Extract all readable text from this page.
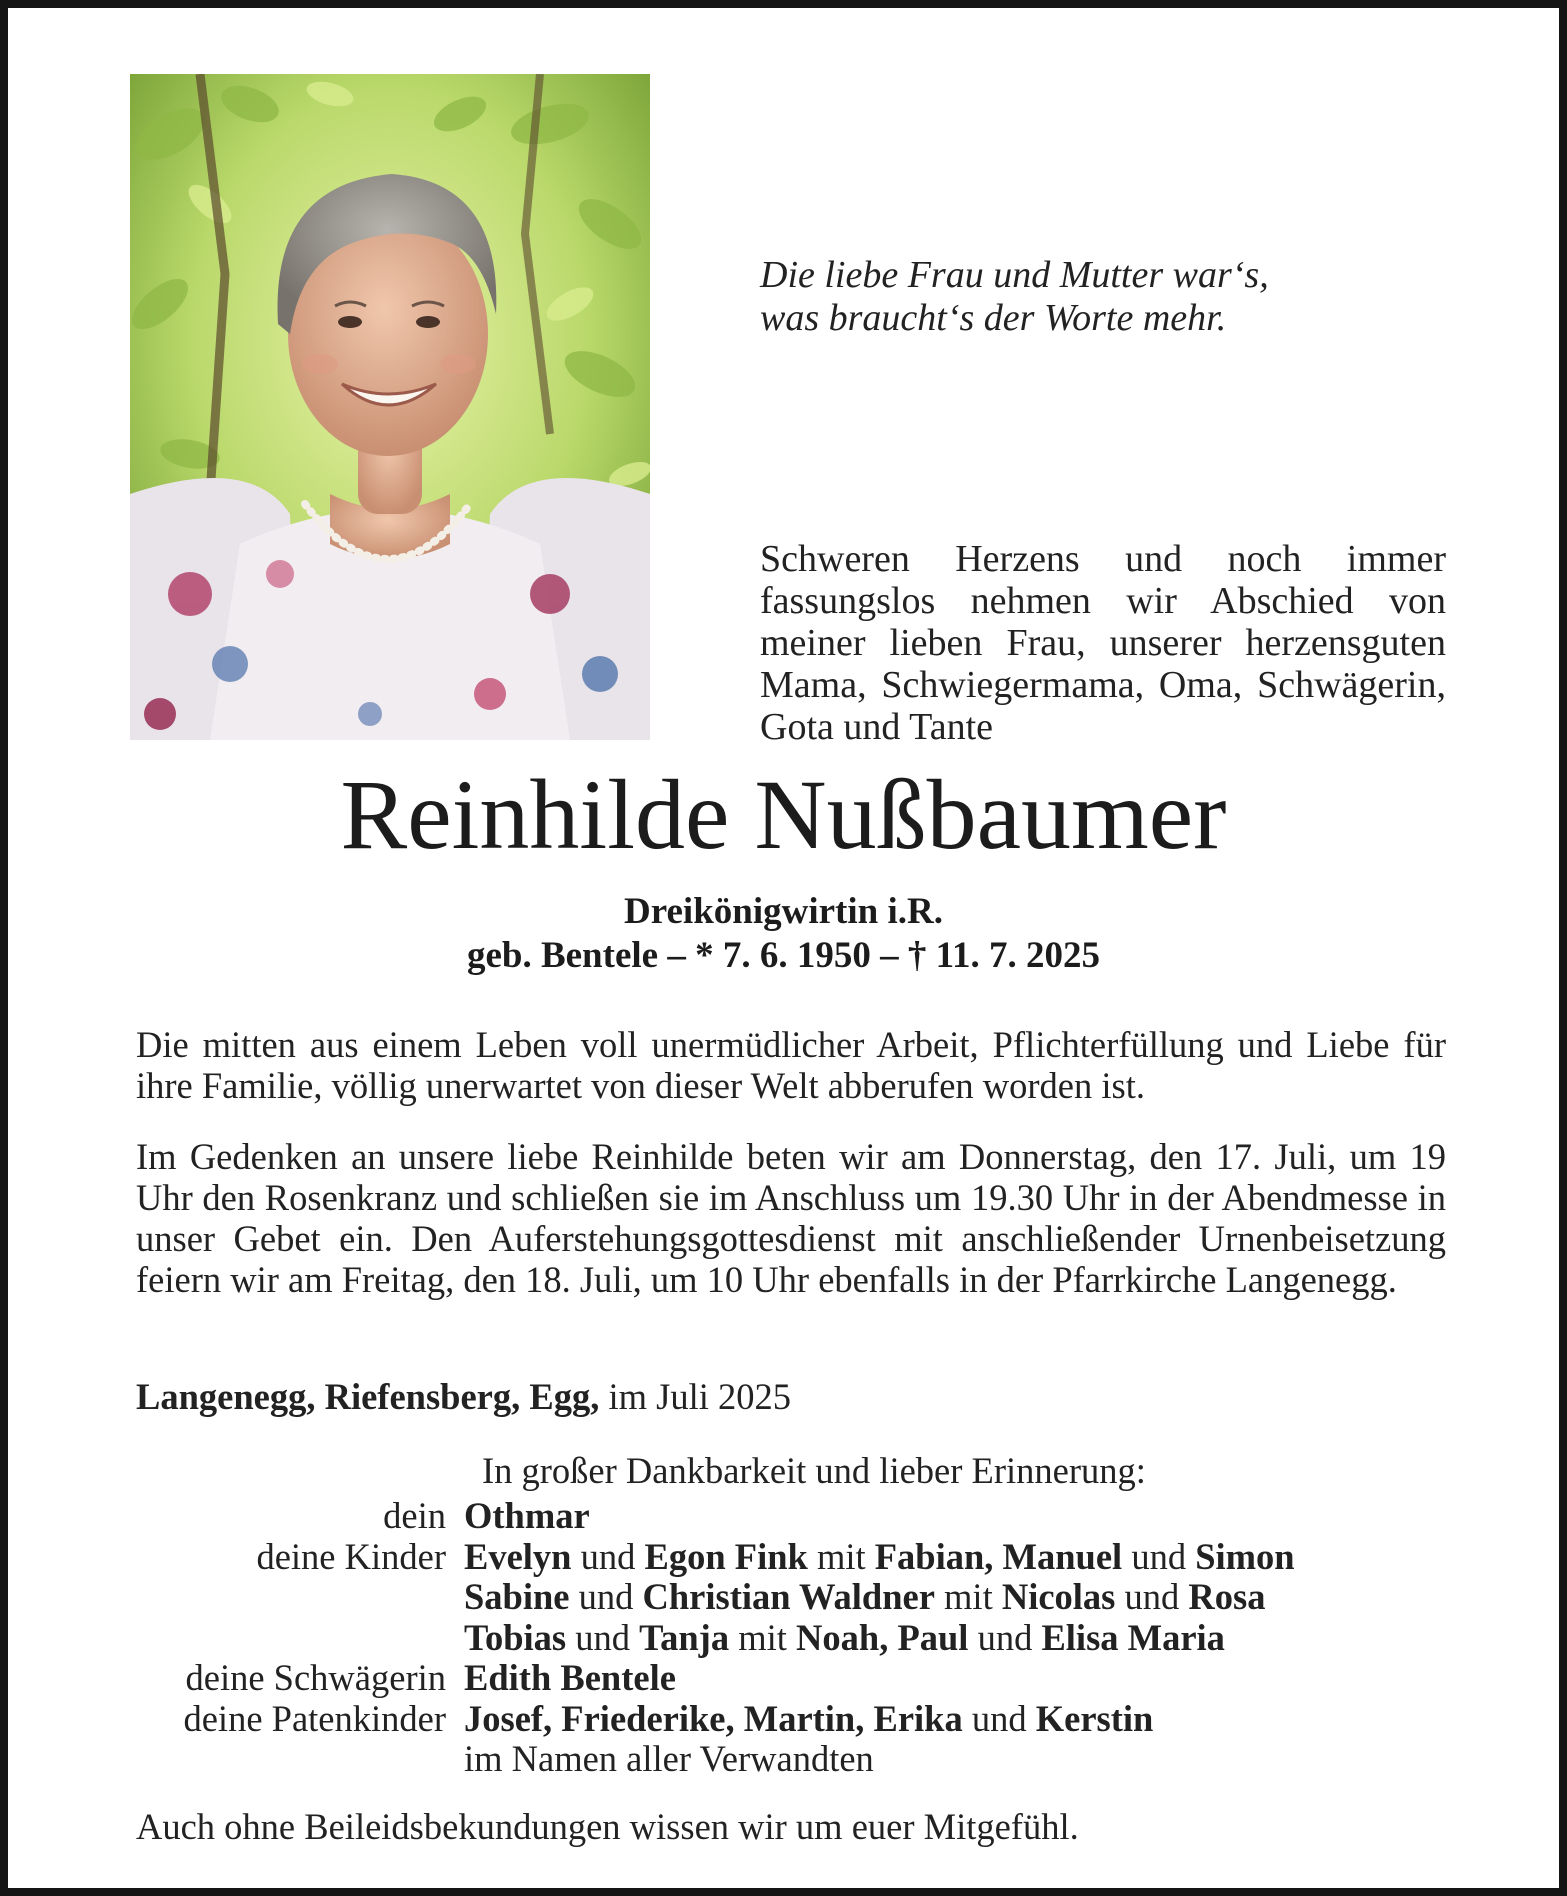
Die liebe Frau und Mutter war‘s,
was braucht‘s der Worte mehr.
Schweren Herzens und noch immer fassungslos nehmen wir Abschied von meiner lieben Frau, unserer herzensguten Mama, Schwiegermama, Oma, Schwägerin, Gota und Tante
Reinhilde Nußbaumer
Dreikönigwirtin i.R.
geb. Bentele – * 7. 6. 1950 – † 11. 7. 2025
Die mitten aus einem Leben voll unermüdlicher Arbeit, Pflichterfüllung und Liebe für ihre Familie, völlig unerwartet von dieser Welt abberufen worden ist.
Im Gedenken an unsere liebe Reinhilde beten wir am Donnerstag, den 17. Juli, um 19 Uhr den Rosenkranz und schließen sie im Anschluss um 19.30 Uhr in der Abendmesse in unser Gebet ein. Den Auferstehungsgottesdienst mit anschließender Urnenbeisetzung feiern wir am Freitag, den 18. Juli, um 10 Uhr ebenfalls in der Pfarrkirche Langenegg.
Langenegg, Riefensberg, Egg, im Juli 2025
In großer Dankbarkeit und lieber Erinnerung:
dein Othmar
deine Kinder Evelyn und Egon Fink mit Fabian, Manuel und Simon
Sabine und Christian Waldner mit Nicolas und Rosa
Tobias und Tanja mit Noah, Paul und Elisa Maria
deine Schwägerin Edith Bentele
deine Patenkinder Josef, Friederike, Martin, Erika und Kerstin
im Namen aller Verwandten
Auch ohne Beileidsbekundungen wissen wir um euer Mitgefühl.
